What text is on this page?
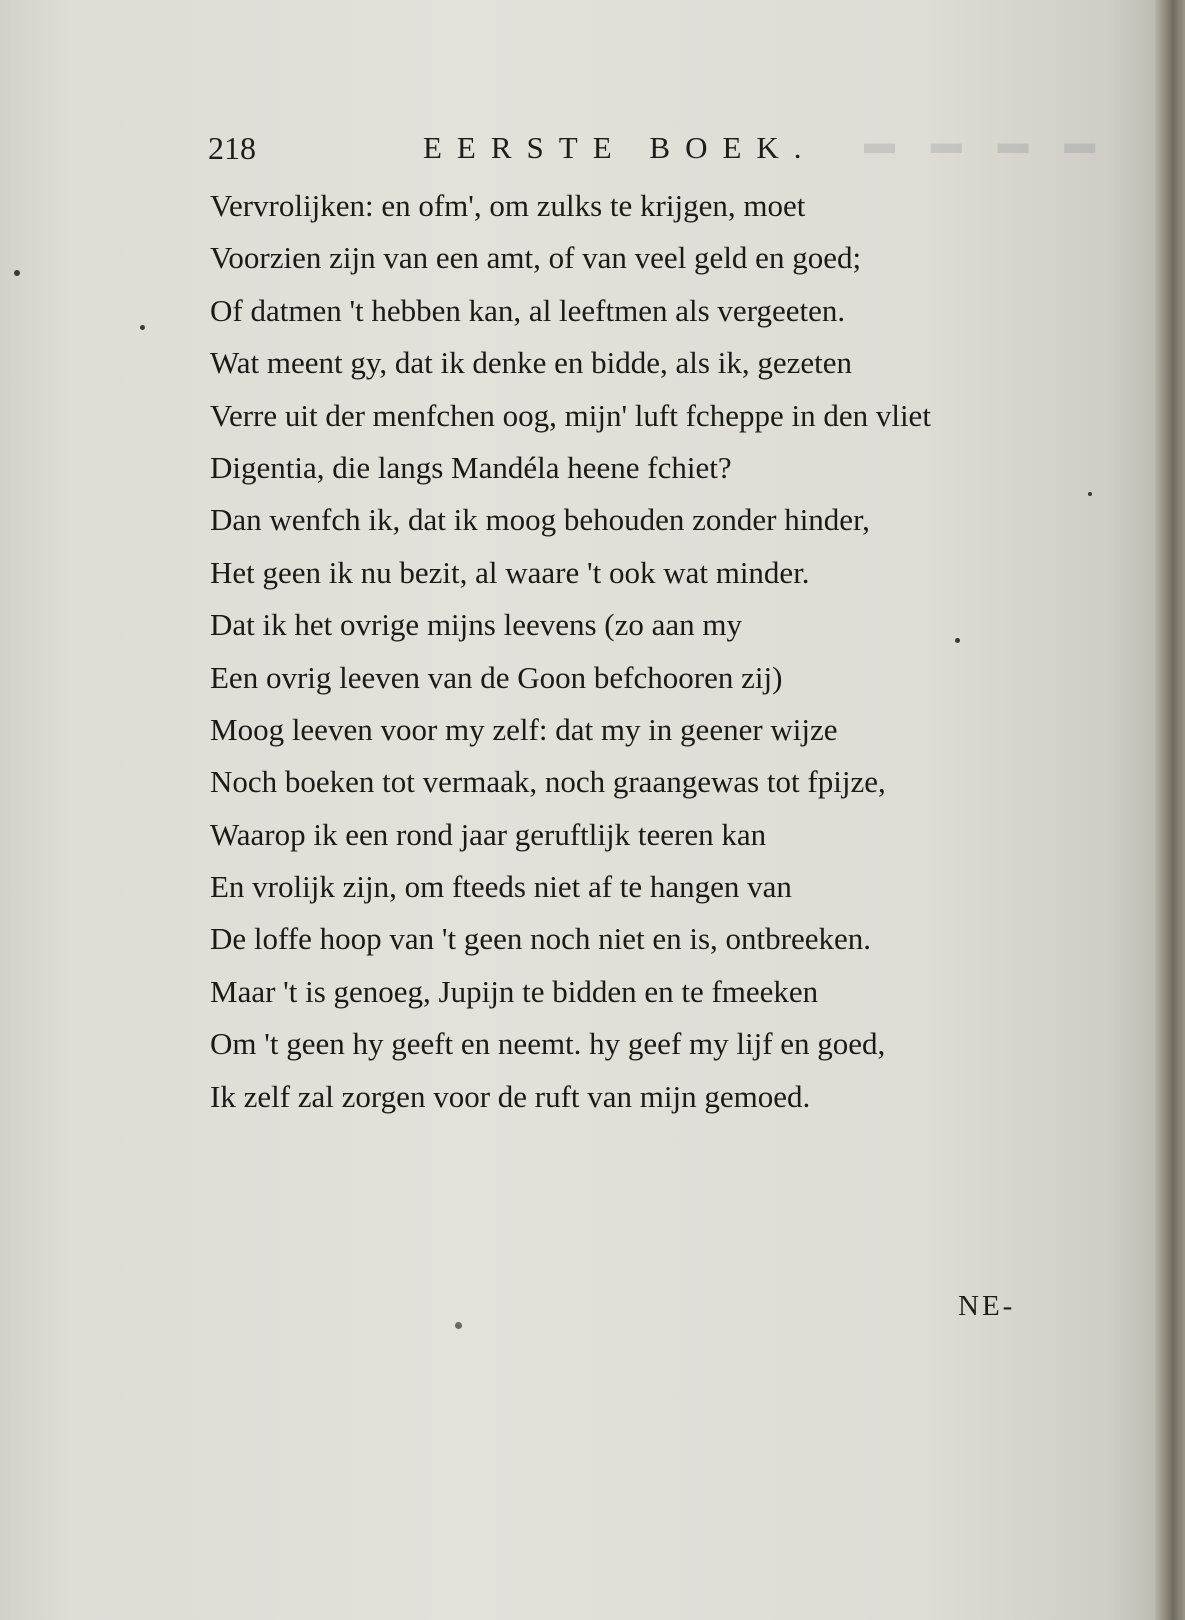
▬ ▬ ▬ ▬
218	EERSTE BOEK.
Vervrolijken: en ofm', om zulks te krijgen, moet
Voorzien zijn van een amt, of van veel geld en goed;
Of datmen 't hebben kan, al leeftmen als vergeeten.
Wat meent gy, dat ik denke en bidde, als ik, gezeten
Verre uit der menfchen oog, mijn' luft fcheppe in den vliet
Digentia, die langs Mandéla heene fchiet?
Dan wenfch ik, dat ik moog behouden zonder hinder,
Het geen ik nu bezit, al waare 't ook wat minder.
Dat ik het ovrige mijns leevens (zo aan my
Een ovrig leeven van de Goon befchooren zij)
Moog leeven voor my zelf: dat my in geener wijze
Noch boeken tot vermaak, noch graangewas tot fpijze,
Waarop ik een rond jaar geruftlijk teeren kan
En vrolijk zijn, om fteeds niet af te hangen van
De loffe hoop van 't geen noch niet en is, ontbreeken.
Maar 't is genoeg, Jupijn te bidden en te fmeeken
Om 't geen hy geeft en neemt. hy geef my lijf en goed,
Ik zelf zal zorgen voor de ruft van mijn gemoed.
NE-
